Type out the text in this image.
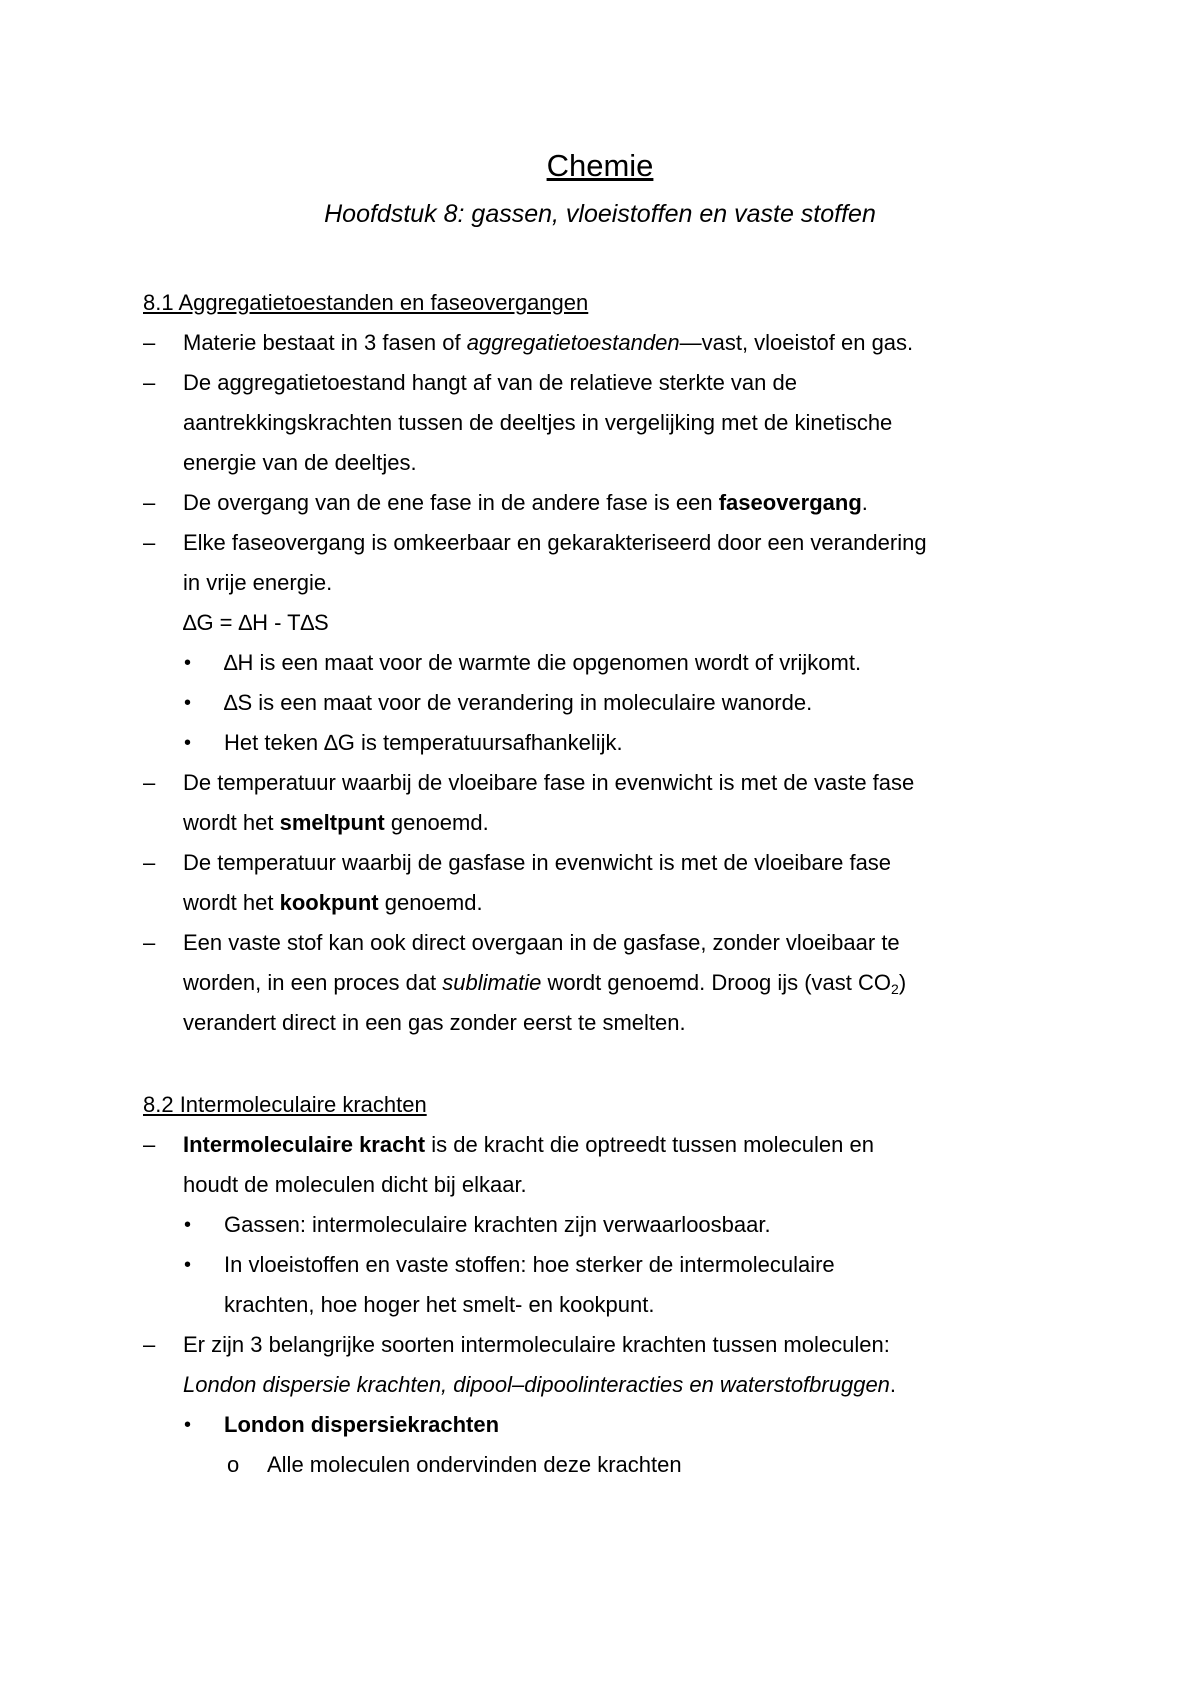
Chemie
Hoofdstuk 8: gassen, vloeistoffen en vaste stoffen
8.1 Aggregatietoestanden en faseovergangen
–	Materie bestaat in 3 fasen of aggregatietoestanden—vast, vloeistof en gas.
–	De aggregatietoestand hangt af van de relatieve sterkte van de
aantrekkingskrachten tussen de deeltjes in vergelijking met de kinetische
energie van de deeltjes.
–	De overgang van de ene fase in de andere fase is een faseovergang.
–	Elke faseovergang is omkeerbaar en gekarakteriseerd door een verandering
in vrije energie.
∆G = ∆H - T∆S
•	∆H is een maat voor de warmte die opgenomen wordt of vrijkomt.
•	∆S is een maat voor de verandering in moleculaire wanorde.
•	Het teken ∆G is temperatuursafhankelijk.
–	De temperatuur waarbij de vloeibare fase in evenwicht is met de vaste fase
wordt het smeltpunt genoemd.
–	De temperatuur waarbij de gasfase in evenwicht is met de vloeibare fase
wordt het kookpunt genoemd.
–	Een vaste stof kan ook direct overgaan in de gasfase, zonder vloeibaar te
worden, in een proces dat sublimatie wordt genoemd. Droog ijs (vast $CO_2$)
verandert direct in een gas zonder eerst te smelten.
8.2 Intermoleculaire krachten
–	Intermoleculaire kracht is de kracht die optreedt tussen moleculen en
houdt de moleculen dicht bij elkaar.
•	Gassen: intermoleculaire krachten zijn verwaarloosbaar.
•	In vloeistoffen en vaste stoffen: hoe sterker de intermoleculaire
krachten, hoe hoger het smelt- en kookpunt.
–	Er zijn 3 belangrijke soorten intermoleculaire krachten tussen moleculen:
London dispersie krachten, dipool–dipoolinteracties en waterstofbruggen.
•	London dispersiekrachten
o	Alle moleculen ondervinden deze krachten
